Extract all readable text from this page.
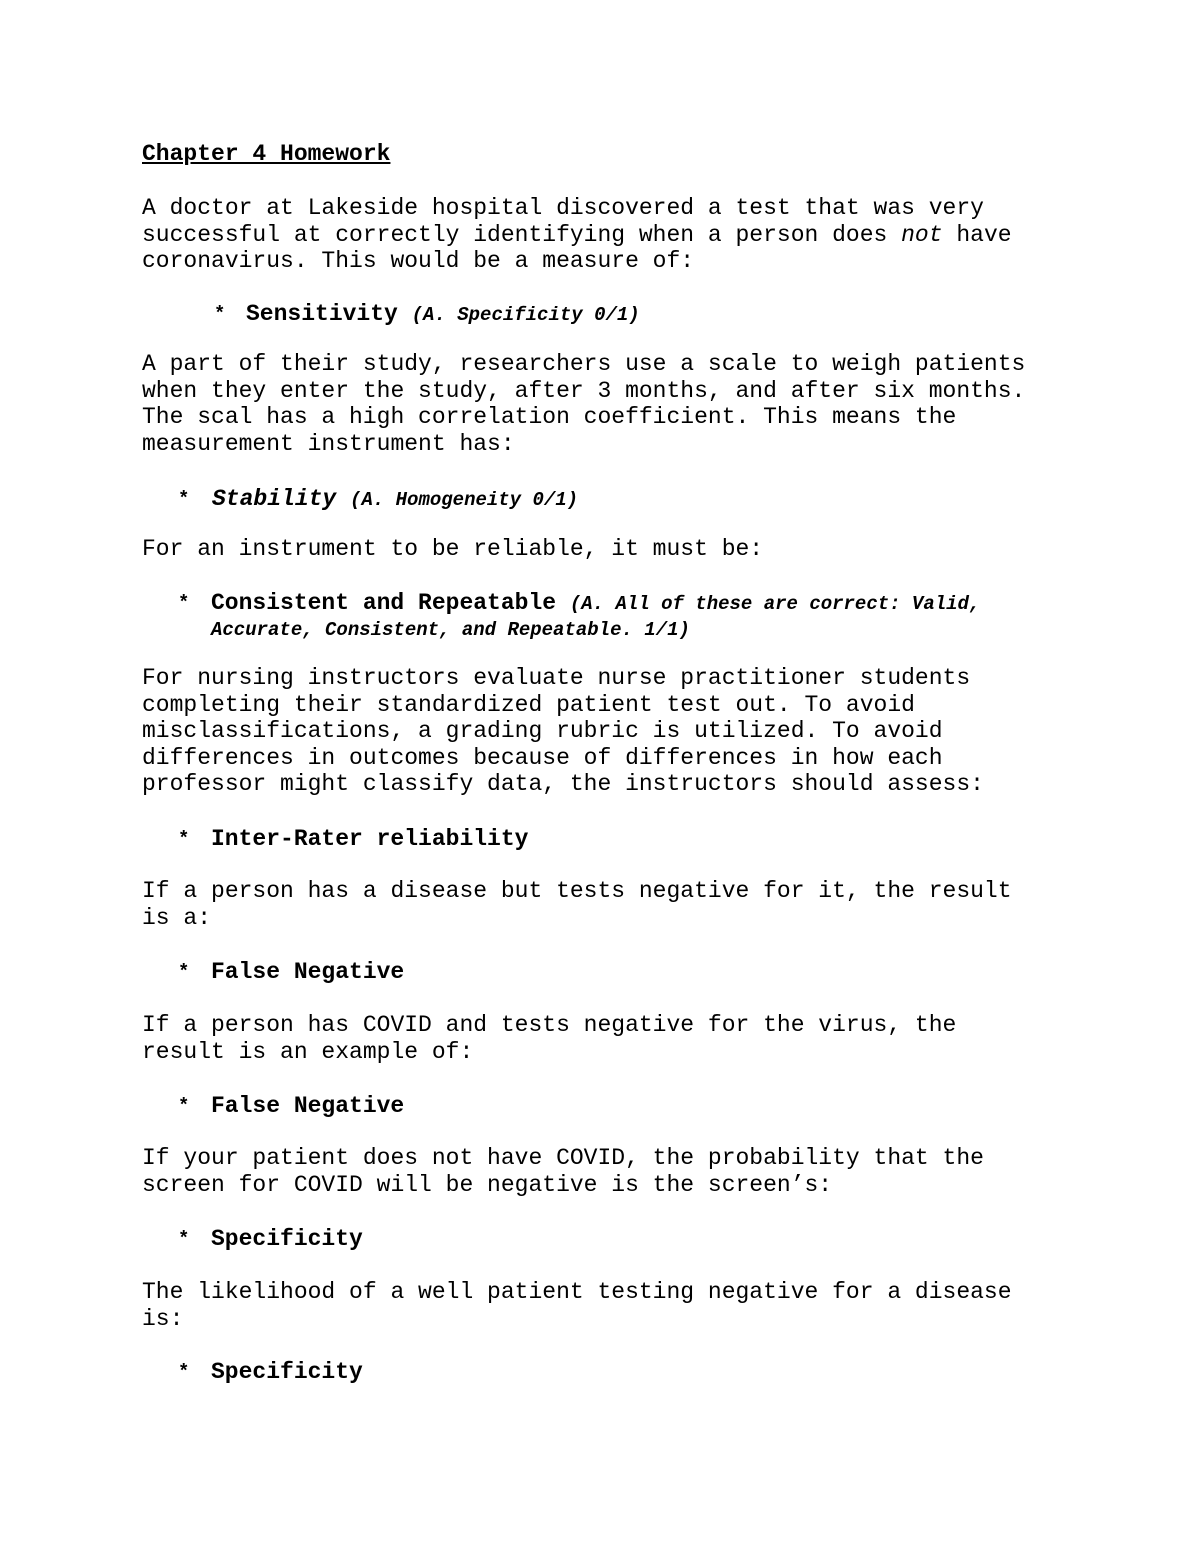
Chapter 4 Homework
A doctor at Lakeside hospital discovered a test that was very
successful at correctly identifying when a person does not have
coronavirus. This would be a measure of:
* Sensitivity (A. Specificity 0/1)
A part of their study, researchers use a scale to weigh patients
when they enter the study, after 3 months, and after six months.
The scal has a high correlation coefficient. This means the
measurement instrument has:
* Stability (A. Homogeneity 0/1)
For an instrument to be reliable, it must be:
* Consistent and Repeatable (A. All of these are correct: Valid,
Accurate, Consistent, and Repeatable. 1/1)
For nursing instructors evaluate nurse practitioner students
completing their standardized patient test out. To avoid
misclassifications, a grading rubric is utilized. To avoid
differences in outcomes because of differences in how each
professor might classify data, the instructors should assess:
* Inter-Rater reliability
If a person has a disease but tests negative for it, the result
is a:
* False Negative
If a person has COVID and tests negative for the virus, the
result is an example of:
* False Negative
If your patient does not have COVID, the probability that the
screen for COVID will be negative is the screen’s:
* Specificity
The likelihood of a well patient testing negative for a disease
is:
* Specificity
